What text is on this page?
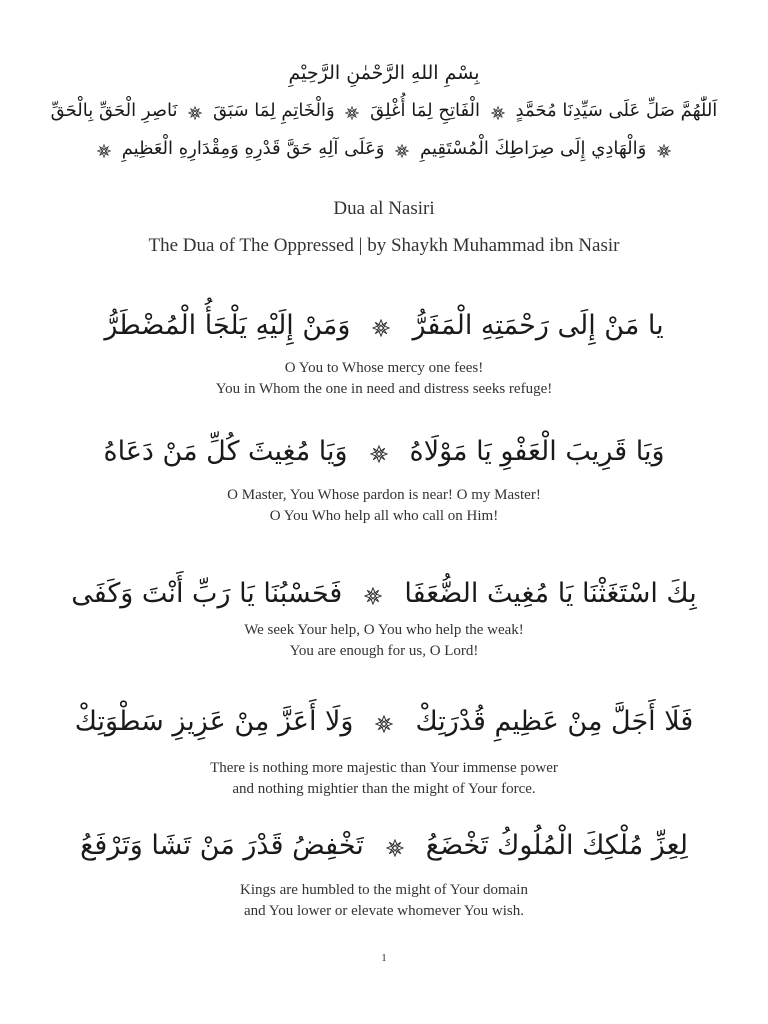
بِسْمِ اللهِ الرَّحْمٰنِ الرَّحِيْمِ
اَللّٰهُمَّ صَلِّ عَلَى سَيِّدِنَا مُحَمَّدٍ  الْفَاتِحِ لِمَا أُغْلِقَ  وَالْخَاتِمِ لِمَا سَبَقَ  نَاصِرِ الْحَقِّ بِالْحَقِّ
وَالْهَادِي إِلَى صِرَاطِكَ الْمُسْتَقِيمِ  وَعَلَى آلِهِ حَقَّ قَدْرِهِ وَمِقْدَارِهِ الْعَظِيمِ
Dua al Nasiri
The Dua of The Oppressed | by Shaykh Muhammad ibn Nasir
يا مَنْ إِلَى رَحْمَتِهِ الْمَفَرُّوَمَنْ إِلَيْهِ يَلْجَأُ الْمُضْطَرُّ
O You to Whose mercy one fees!
You in Whom the one in need and distress seeks refuge!
وَيَا قَرِيبَ الْعَفْوِ يَا مَوْلَاهُوَيَا مُغِيثَ كُلِّ مَنْ دَعَاهُ
O Master, You Whose pardon is near! O my Master!
O You Who help all who call on Him!
بِكَ اسْتَغَثْنَا يَا مُغِيثَ الضُّعَفَافَحَسْبُنَا يَا رَبِّ أَنْتَ وَكَفَى
We seek Your help, O You who help the weak!
You are enough for us, O Lord!
فَلَا أَجَلَّ مِنْ عَظِيمِ قُدْرَتِكْوَلَا أَعَزَّ مِنْ عَزِيزِ سَطْوَتِكْ
There is nothing more majestic than Your immense power
and nothing mightier than the might of Your force.
لِعِزِّ مُلْكِكَ الْمُلُوكُ تَخْضَعُتَخْفِضُ قَدْرَ مَنْ تَشَا وَتَرْفَعُ
Kings are humbled to the might of Your domain
and You lower or elevate whomever You wish.
1
